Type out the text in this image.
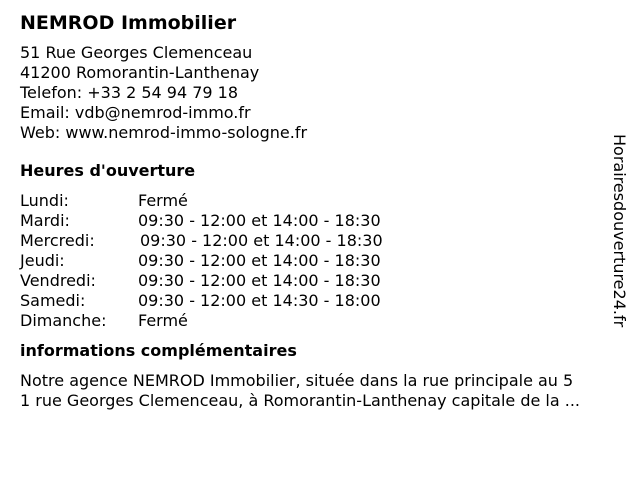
NEMROD Immobilier
51 Rue Georges Clemenceau
41200 Romorantin-Lanthenay
Telefon: +33 2 54 94 79 18
Email: vdb@nemrod-immo.fr
Web: www.nemrod-immo-sologne.fr
Heures d'ouverture
Lundi:	Fermé
Mardi:	09:30 - 12:00 et 14:00 - 18:30
Mercredi:	09:30 - 12:00 et 14:00 - 18:30
Jeudi:	09:30 - 12:00 et 14:00 - 18:30
Vendredi:	09:30 - 12:00 et 14:00 - 18:30
Samedi:	09:30 - 12:00 et 14:30 - 18:00
Dimanche: Fermé
informations complémentaires
Notre agence NEMROD Immobilier, située dans la rue principale au 5
1 rue Georges Clemenceau, à Romorantin-Lanthenay capitale de la ...
Horairesdouverture24.fr
